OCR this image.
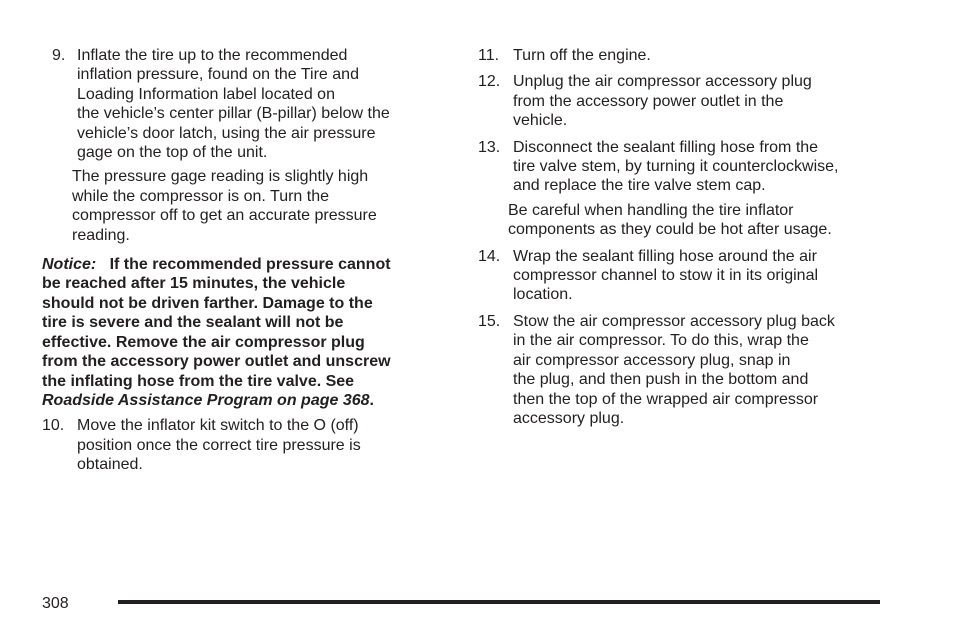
9. Inflate the tire up to the recommended
inflation pressure, found on the Tire and
Loading Information label located on
the vehicle’s center pillar (B-pillar) below the
vehicle’s door latch, using the air pressure
gage on the top of the unit.
The pressure gage reading is slightly high
while the compressor is on. Turn the
compressor off to get an accurate pressure
reading.
Notice: If the recommended pressure cannot
be reached after 15 minutes, the vehicle
should not be driven farther. Damage to the
tire is severe and the sealant will not be
effective. Remove the air compressor plug
from the accessory power outlet and unscrew
the inflating hose from the tire valve. See
Roadside Assistance Program on page 368.
10. Move the inflator kit switch to the O (off)
position once the correct tire pressure is
obtained.
11. Turn off the engine.
12. Unplug the air compressor accessory plug
from the accessory power outlet in the
vehicle.
13. Disconnect the sealant filling hose from the
tire valve stem, by turning it counterclockwise,
and replace the tire valve stem cap.
Be careful when handling the tire inflator
components as they could be hot after usage.
14. Wrap the sealant filling hose around the air
compressor channel to stow it in its original
location.
15. Stow the air compressor accessory plug back
in the air compressor. To do this, wrap the
air compressor accessory plug, snap in
the plug, and then push in the bottom and
then the top of the wrapped air compressor
accessory plug.
308
